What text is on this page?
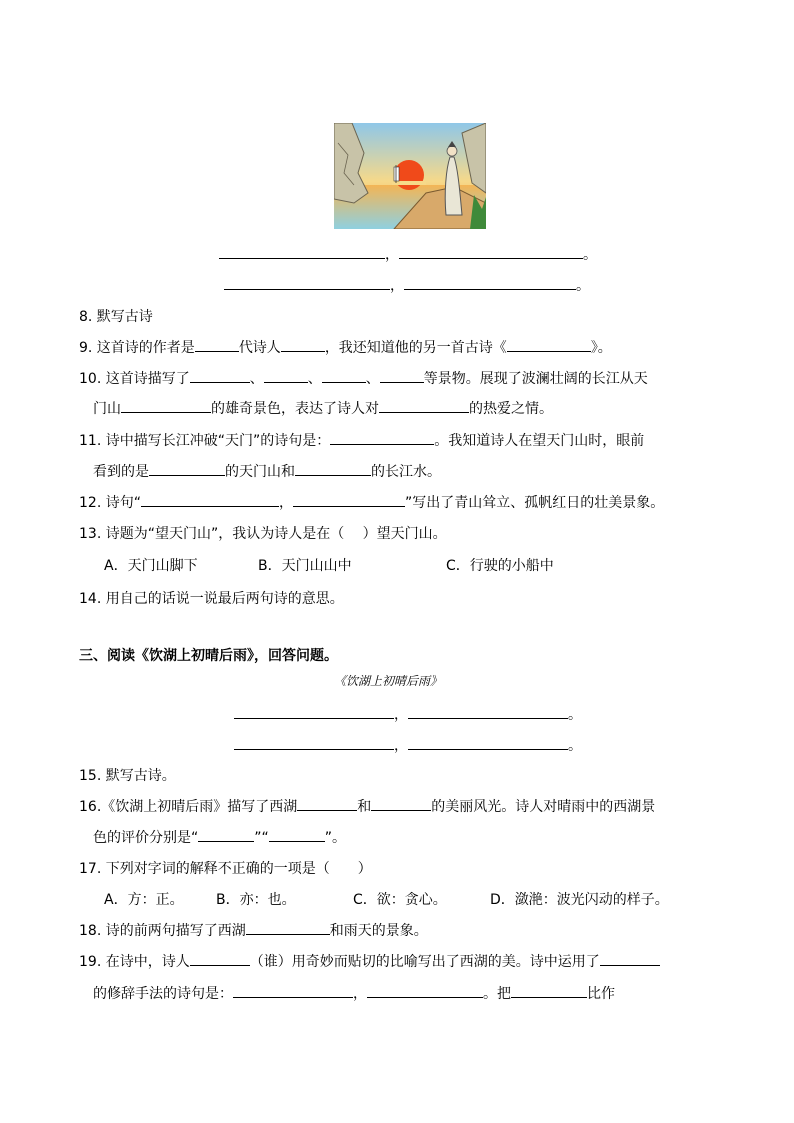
，	。
，	。
8. 默写古诗
9. 这首诗的作者是	代诗人	，我还知道他的另一首古诗《	》。
10. 这首诗描写了	、	、	、	等景物。展现了波澜壮阔的长江从天
门山	的雄奇景色，表达了诗人对	的热爱之情。
11. 诗中描写长江冲破“天门”的诗句是：	。我知道诗人在望天门山时，眼前
看到的是	的天门山和	的长江水。
12. 诗句“	，	”写出了青山耸立、孤帆红日的壮美景象。
13. 诗题为“望天门山”，我认为诗人是在（　 ）望天门山。
A．天门山脚下	B．天门山山中	C．行驶的小船中
14. 用自己的话说一说最后两句诗的意思。
三、阅读《饮湖上初晴后雨》，回答问题。
《饮湖上初晴后雨》
，	。
，	。
15. 默写古诗。
16.《饮湖上初晴后雨》描写了西湖	和	的美丽风光。诗人对晴雨中的西湖景
色的评价分别是“	”“	”。
17. 下列对字词的解释不正确的一项是（　　）
A．方：正。 B．亦：也。	C．欲：贪心。	D．潋滟：波光闪动的样子。
18. 诗的前两句描写了西湖	和雨天的景象。
19. 在诗中，诗人	（谁）用奇妙而贴切的比喻写出了西湖的美。诗中运用了
的修辞手法的诗句是：	，	。把	比作
